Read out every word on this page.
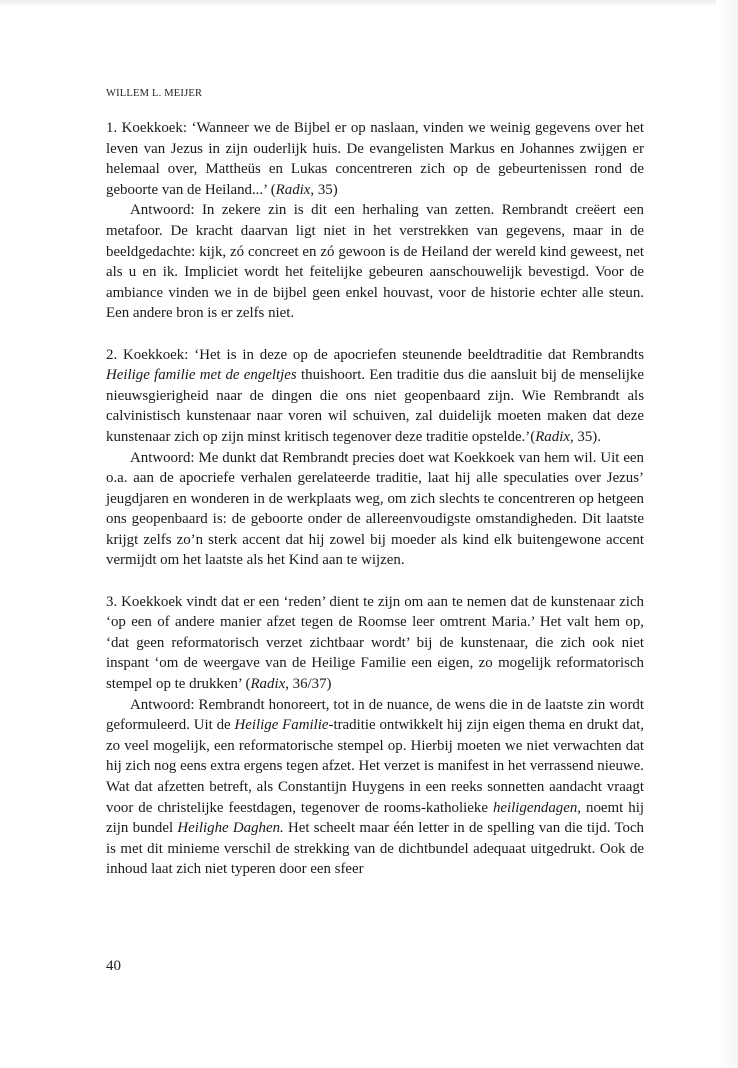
WILLEM L. MEIJER

1. Koekkoek: ‘Wanneer we de Bijbel er op naslaan, vinden we weinig gegevens over het leven van Jezus in zijn ouderlijk huis. De evangelisten Markus en Johannes zwijgen er helemaal over, Mattheüs en Lukas concentreren zich op de gebeurtenissen rond de geboorte van de Heiland...’ (Radix, 35)

Antwoord: In zekere zin is dit een herhaling van zetten. Rembrandt creëert een metafoor. De kracht daarvan ligt niet in het verstrekken van gegevens, maar in de beeldgedachte: kijk, zó concreet en zó gewoon is de Heiland der wereld kind geweest, net als u en ik. Impliciet wordt het feitelijke gebeuren aanschouwelijk bevestigd. Voor de ambiance vinden we in de bijbel geen enkel houvast, voor de historie echter alle steun. Een andere bron is er zelfs niet.

2. Koekkoek: ‘Het is in deze op de apocriefen steunende beeldtraditie dat Rembrandts Heilige familie met de engeltjes thuishoort. Een traditie dus die aansluit bij de menselijke nieuwsgierigheid naar de dingen die ons niet geopenbaard zijn. Wie Rembrandt als calvinistisch kunstenaar naar voren wil schuiven, zal duidelijk moeten maken dat deze kunstenaar zich op zijn minst kritisch tegenover deze traditie opstelde.’(Radix, 35).

Antwoord: Me dunkt dat Rembrandt precies doet wat Koekkoek van hem wil. Uit een o.a. aan de apocriefe verhalen gerelateerde traditie, laat hij alle speculaties over Jezus’ jeugdjaren en wonderen in de werkplaats weg, om zich slechts te concentreren op hetgeen ons geopenbaard is: de geboorte onder de allereenvoudigste omstandigheden. Dit laatste krijgt zelfs zo’n sterk accent dat hij zowel bij moeder als kind elk buitengewone accent vermijdt om het laatste als het Kind aan te wijzen.

3. Koekkoek vindt dat er een ‘reden’ dient te zijn om aan te nemen dat de kunstenaar zich ‘op een of andere manier afzet tegen de Roomse leer omtrent Maria.’ Het valt hem op, ‘dat geen reformatorisch verzet zichtbaar wordt’ bij de kunstenaar, die zich ook niet inspant ‘om de weergave van de Heilige Familie een eigen, zo mogelijk reformatorisch stempel op te drukken’ (Radix, 36/37)

Antwoord: Rembrandt honoreert, tot in de nuance, de wens die in de laatste zin wordt geformuleerd. Uit de Heilige Familie-traditie ontwikkelt hij zijn eigen thema en drukt dat, zo veel mogelijk, een reformatorische stempel op. Hierbij moeten we niet verwachten dat hij zich nog eens extra ergens tegen afzet. Het verzet is manifest in het verrassend nieuwe. Wat dat afzetten betreft, als Constantijn Huygens in een reeks sonnetten aandacht vraagt voor de christelijke feestdagen, tegenover de rooms-katholieke heiligendagen, noemt hij zijn bundel Heilighe Daghen. Het scheelt maar één letter in de spelling van die tijd. Toch is met dit minieme verschil de strekking van de dichtbundel adequaat uitgedrukt. Ook de inhoud laat zich niet typeren door een sfeer

40
